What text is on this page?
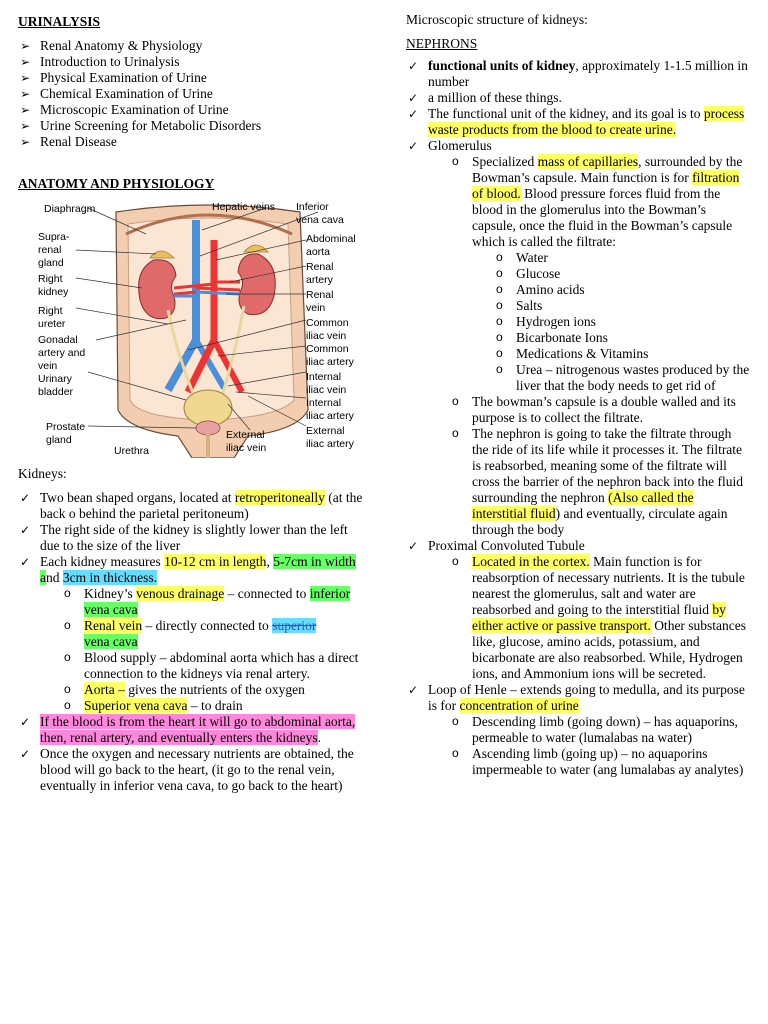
URINALYSIS
➢ Renal Anatomy & Physiology
➢ Introduction to Urinalysis
➢ Physical Examination of Urine
➢ Chemical Examination of Urine
➢ Microscopic Examination of Urine
➢ Urine Screening for Metabolic Disorders
➢ Renal Disease
ANATOMY AND PHYSIOLOGY
Diaphragm	Hepatic veins Inferior
vena cava
Supra-
renal
gland
Right
kidney
Right
ureter
Gonadal
artery and
vein
Urinary
bladder
Prostate
gland
Urethra
External
iliac vein
Abdominal
aorta
Renal
artery
Renal
vein
Common
iliac vein
Common
iliac artery
Internal
iliac vein
Internal
iliac artery
External
iliac artery
Kidneys:
✓ Two bean shaped organs, located at retroperitoneally (at the back o behind the parietal peritoneum)
✓ The right side of the kidney is slightly lower than the left due to the size of the liver
✓ Each kidney measures 10-12 cm in length, 5-7cm in width and 3cm in thickness.
o Kidney’s venous drainage – connected to inferior vena cava
o Renal vein – directly connected to superior
vena cava
o Blood supply – abdominal aorta which has a direct connection to the kidneys via renal artery.
o Aorta – gives the nutrients of the oxygen
o Superior vena cava – to drain
✓ If the blood is from the heart it will go to abdominal aorta, then, renal artery, and eventually enters the kidneys.
✓ Once the oxygen and necessary nutrients are obtained, the blood will go back to the heart, (it go to the renal vein, eventually in inferior vena cava, to go back to the heart)
Microscopic structure of kidneys:
NEPHRONS
✓ functional units of kidney, approximately 1-1.5 million in number
✓ a million of these things.
✓ The functional unit of the kidney, and its goal is to process waste products from the blood to create urine.
✓ Glomerulus
o Specialized mass of capillaries, surrounded by the Bowman’s capsule. Main function is for filtration of blood. Blood pressure forces fluid from the blood in the glomerulus into the Bowman’s capsule, once the fluid in the Bowman’s capsule which is called the filtrate:
o Water
o Glucose
o Amino acids
o Salts
o Hydrogen ions
o Bicarbonate Ions
o Medications & Vitamins
o Urea – nitrogenous wastes produced by the liver that the body needs to get rid of
o The bowman’s capsule is a double walled and its purpose is to collect the filtrate.
o The nephron is going to take the filtrate through the ride of its life while it processes it. The filtrate is reabsorbed, meaning some of the filtrate will cross the barrier of the nephron back into the fluid surrounding the nephron (Also called the interstitial fluid) and eventually, circulate again through the body
✓ Proximal Convoluted Tubule
o Located in the cortex. Main function is for reabsorption of necessary nutrients. It is the tubule nearest the glomerulus, salt and water are reabsorbed and going to the interstitial fluid by either active or passive transport. Other substances like, glucose, amino acids, potassium, and bicarbonate are also reabsorbed. While, Hydrogen ions, and Ammonium ions will be secreted.
✓ Loop of Henle – extends going to medulla, and its purpose is for concentration of urine
o Descending limb (going down) – has aquaporins, permeable to water (lumalabas na water)
o Ascending limb (going up) – no aquaporins impermeable to water (ang lumalabas ay analytes)
